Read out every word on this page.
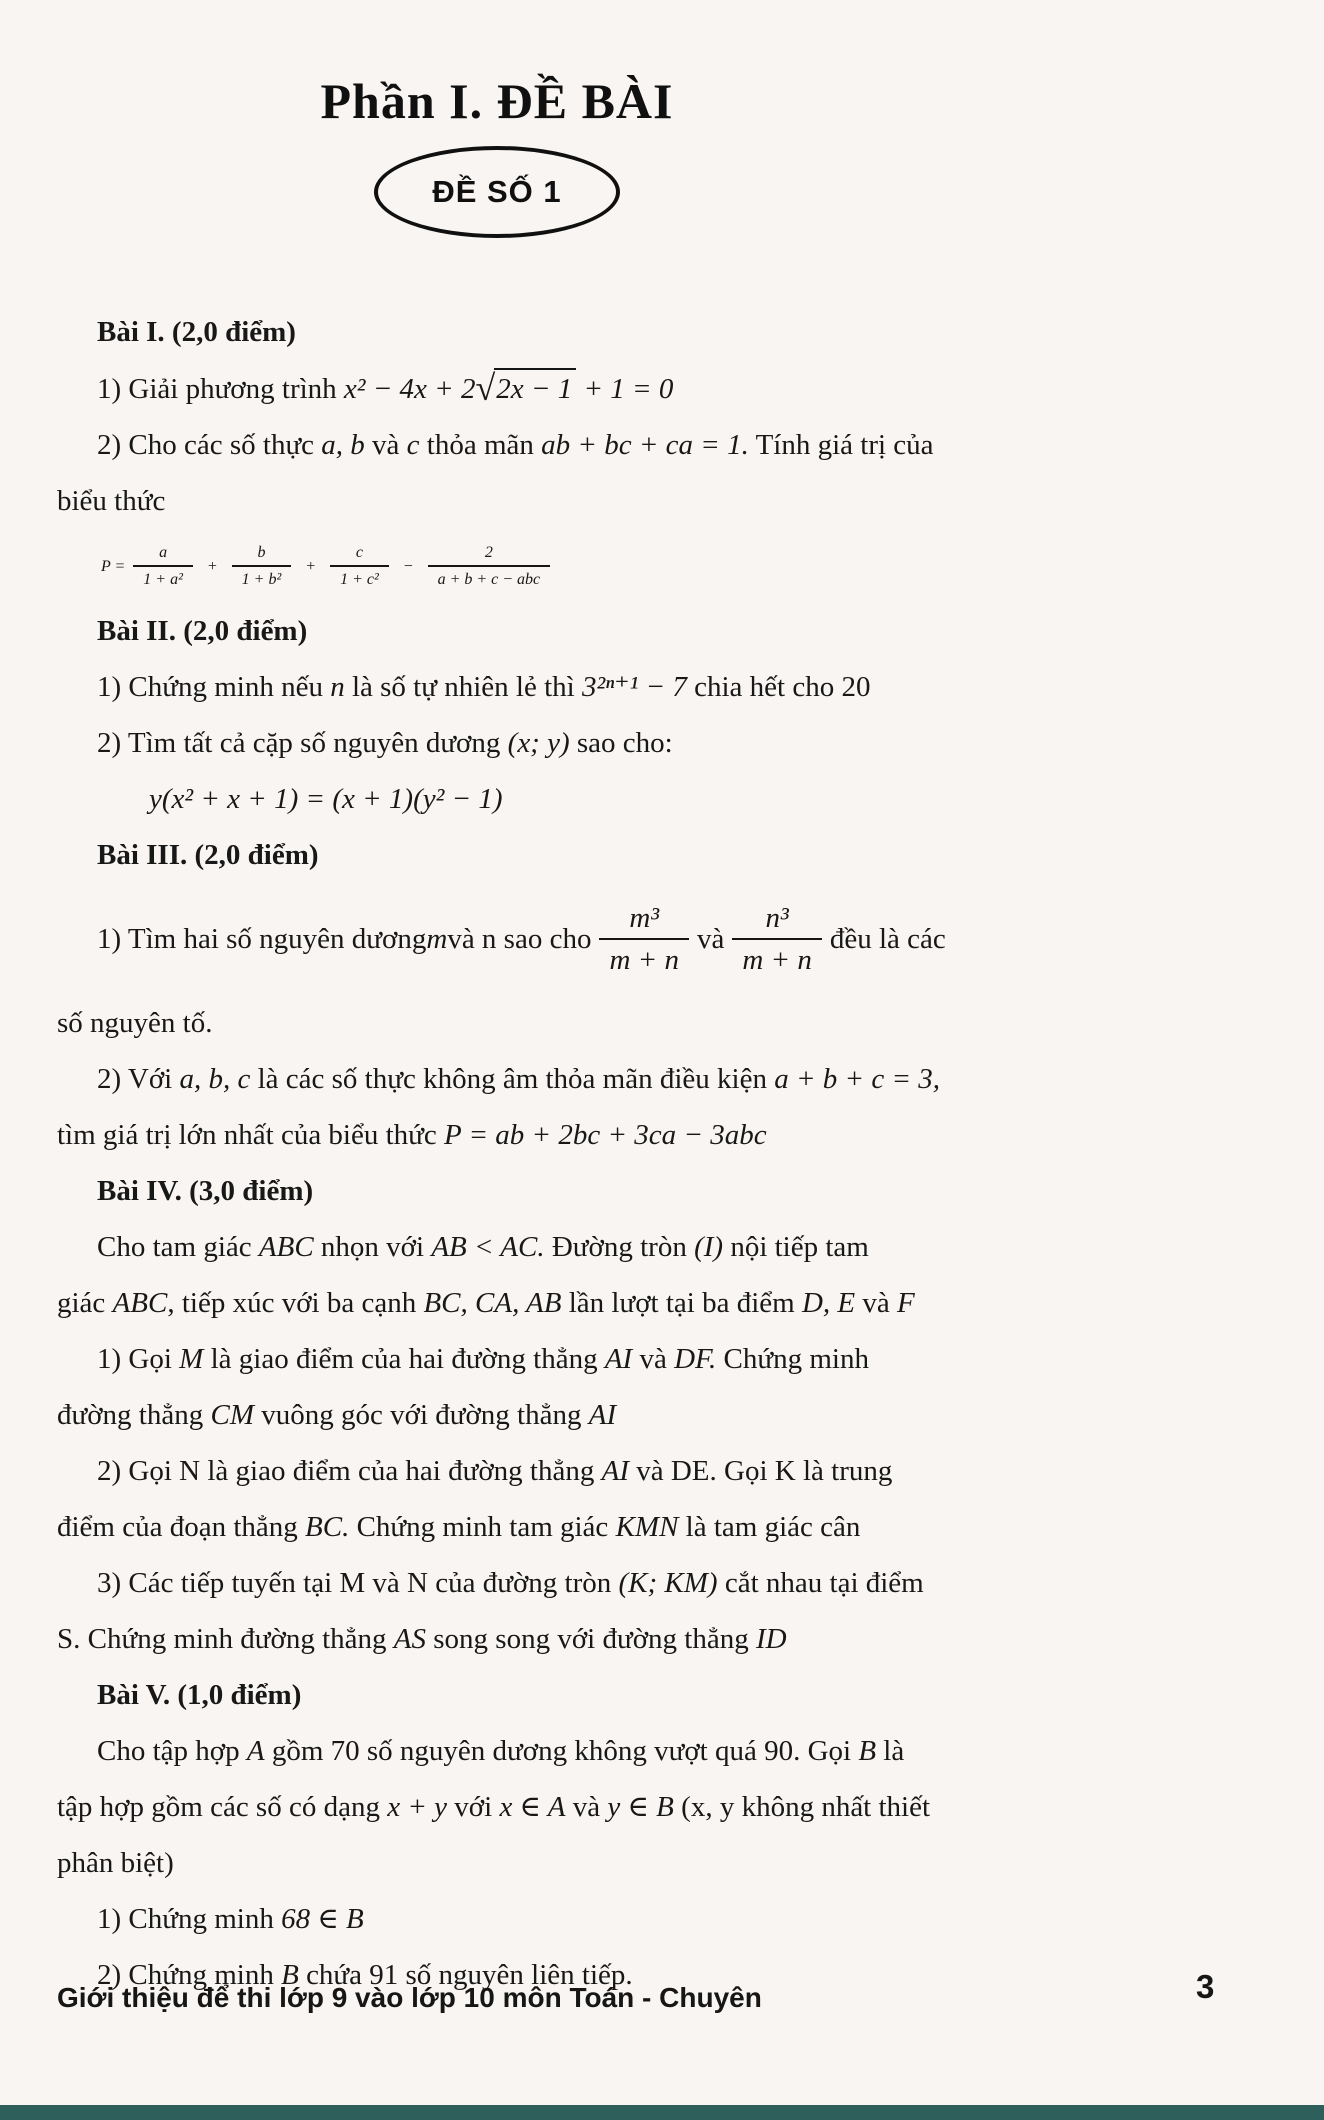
Phần I. ĐỀ BÀI
ĐỀ SỐ 1

Bài I. (2,0 điểm)

1) Giải phương trình x² − 4x + 2√2x − 1 + 1 = 0

2) Cho các số thực a, b và c thỏa mãn ab + bc + ca = 1. Tính giá trị của

biểu thức

$P = \frac{a}{\text{1 + a²}} + \frac{b}{\text{1 + b²}} + \frac{c}{\text{1 + c²}} - \frac{2}{\text{a + b + c − abc}}$

Bài II. (2,0 điểm)

1) Chứng minh nếu n là số tự nhiên lẻ thì 3²ⁿ⁺¹ − 7 chia hết cho 20

2) Tìm tất cả cặp số nguyên dương (x; y) sao cho:

y(x² + x + 1) = (x + 1)(y² − 1)

Bài III. (2,0 điểm)

1) Tìm hai số nguyên dương m và n sao cho $\frac{\text{m³}}{m + n}$ và $\frac{\text{n³}}{m + n}$ đều là các

số nguyên tố.

2) Với a, b, c là các số thực không âm thỏa mãn điều kiện a + b + c = 3,

tìm giá trị lớn nhất của biểu thức P = ab + 2bc + 3ca − 3abc

Bài IV. (3,0 điểm)

Cho tam giác ABC nhọn với AB < AC. Đường tròn (I) nội tiếp tam

giác ABC, tiếp xúc với ba cạnh BC, CA, AB lần lượt tại ba điểm D, E và F

1) Gọi M là giao điểm của hai đường thẳng AI và DF. Chứng minh

đường thẳng CM vuông góc với đường thẳng AI

2) Gọi N là giao điểm của hai đường thẳng AI và DE. Gọi K là trung

điểm của đoạn thẳng BC. Chứng minh tam giác KMN là tam giác cân

3) Các tiếp tuyến tại M và N của đường tròn (K; KM) cắt nhau tại điểm

S. Chứng minh đường thẳng AS song song với đường thẳng ID

Bài V. (1,0 điểm)

Cho tập hợp A gồm 70 số nguyên dương không vượt quá 90. Gọi B là

tập hợp gồm các số có dạng x + y với x ∈ A và y ∈ B (x, y không nhất thiết

phân biệt)

1) Chứng minh 68 ∈ B

2) Chứng minh B chứa 91 số nguyên liên tiếp.

Giới thiệu để thi lớp 9 vào lớp 10 môn Toán - Chuyên	3
